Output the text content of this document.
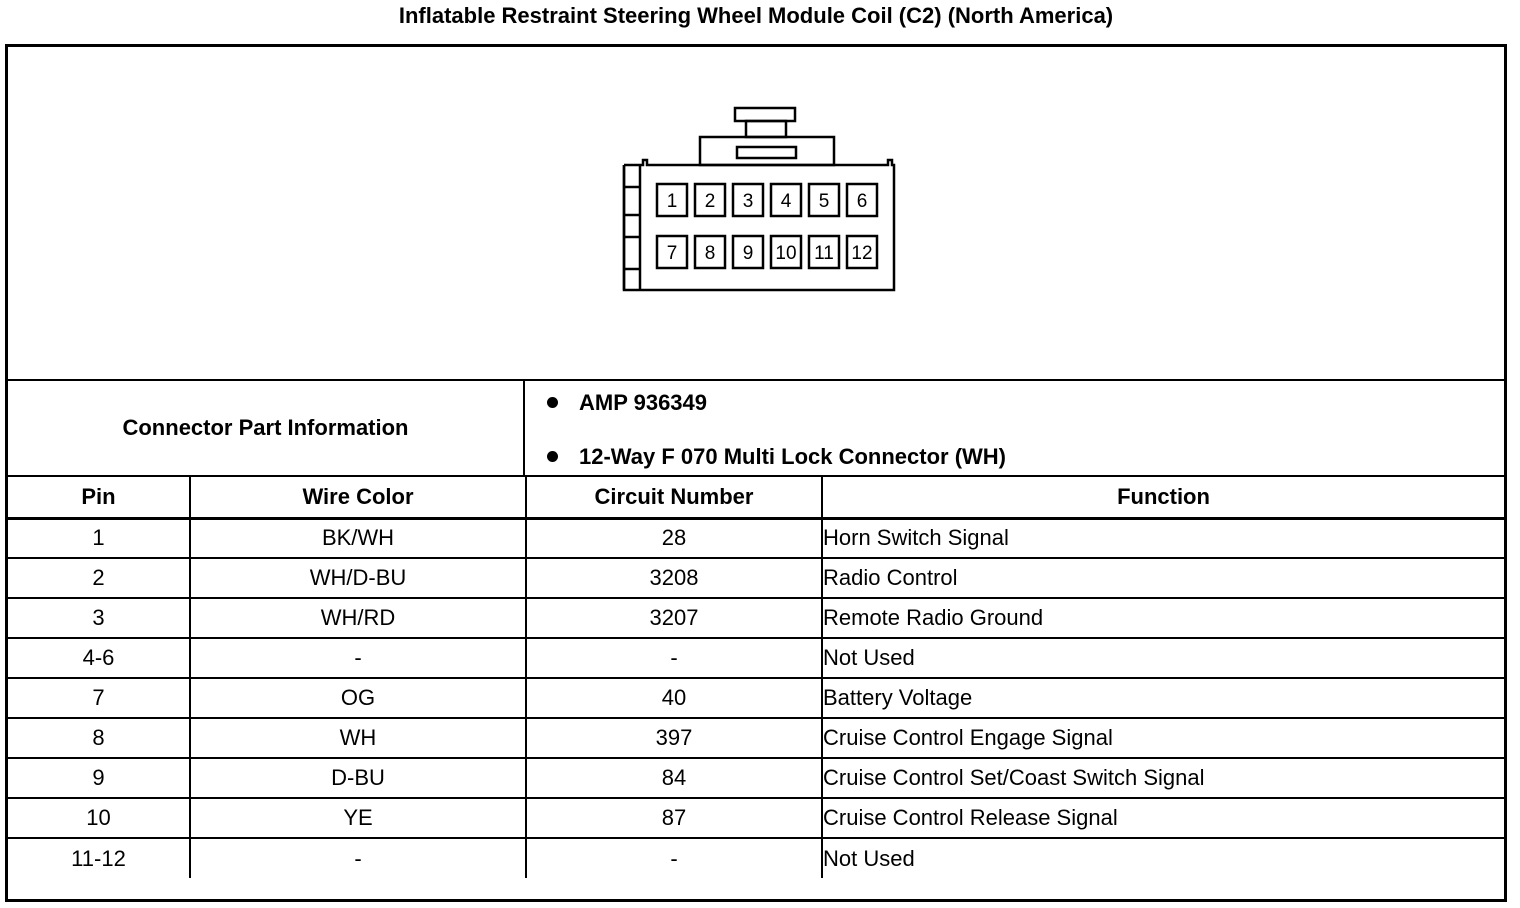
Inflatable Restraint Steering Wheel Module Coil (C2) (North America)
1 2 3 4 5 6
7 8 9 10 11 12
Connector Part Information
AMP 936349
12-Way F 070 Multi Lock Connector (WH)
Pin	Wire Color	Circuit Number	Function
1	BK/WH	28	Horn Switch Signal
2	WH/D-BU	3208	Radio Control
3	WH/RD	3207	Remote Radio Ground
4-6	-	-	Not Used
7	OG	40	Battery Voltage
8	WH	397	Cruise Control Engage Signal
9	D-BU	84	Cruise Control Set/Coast Switch Signal
10	YE	87	Cruise Control Release Signal
11-12	-	-	Not Used
